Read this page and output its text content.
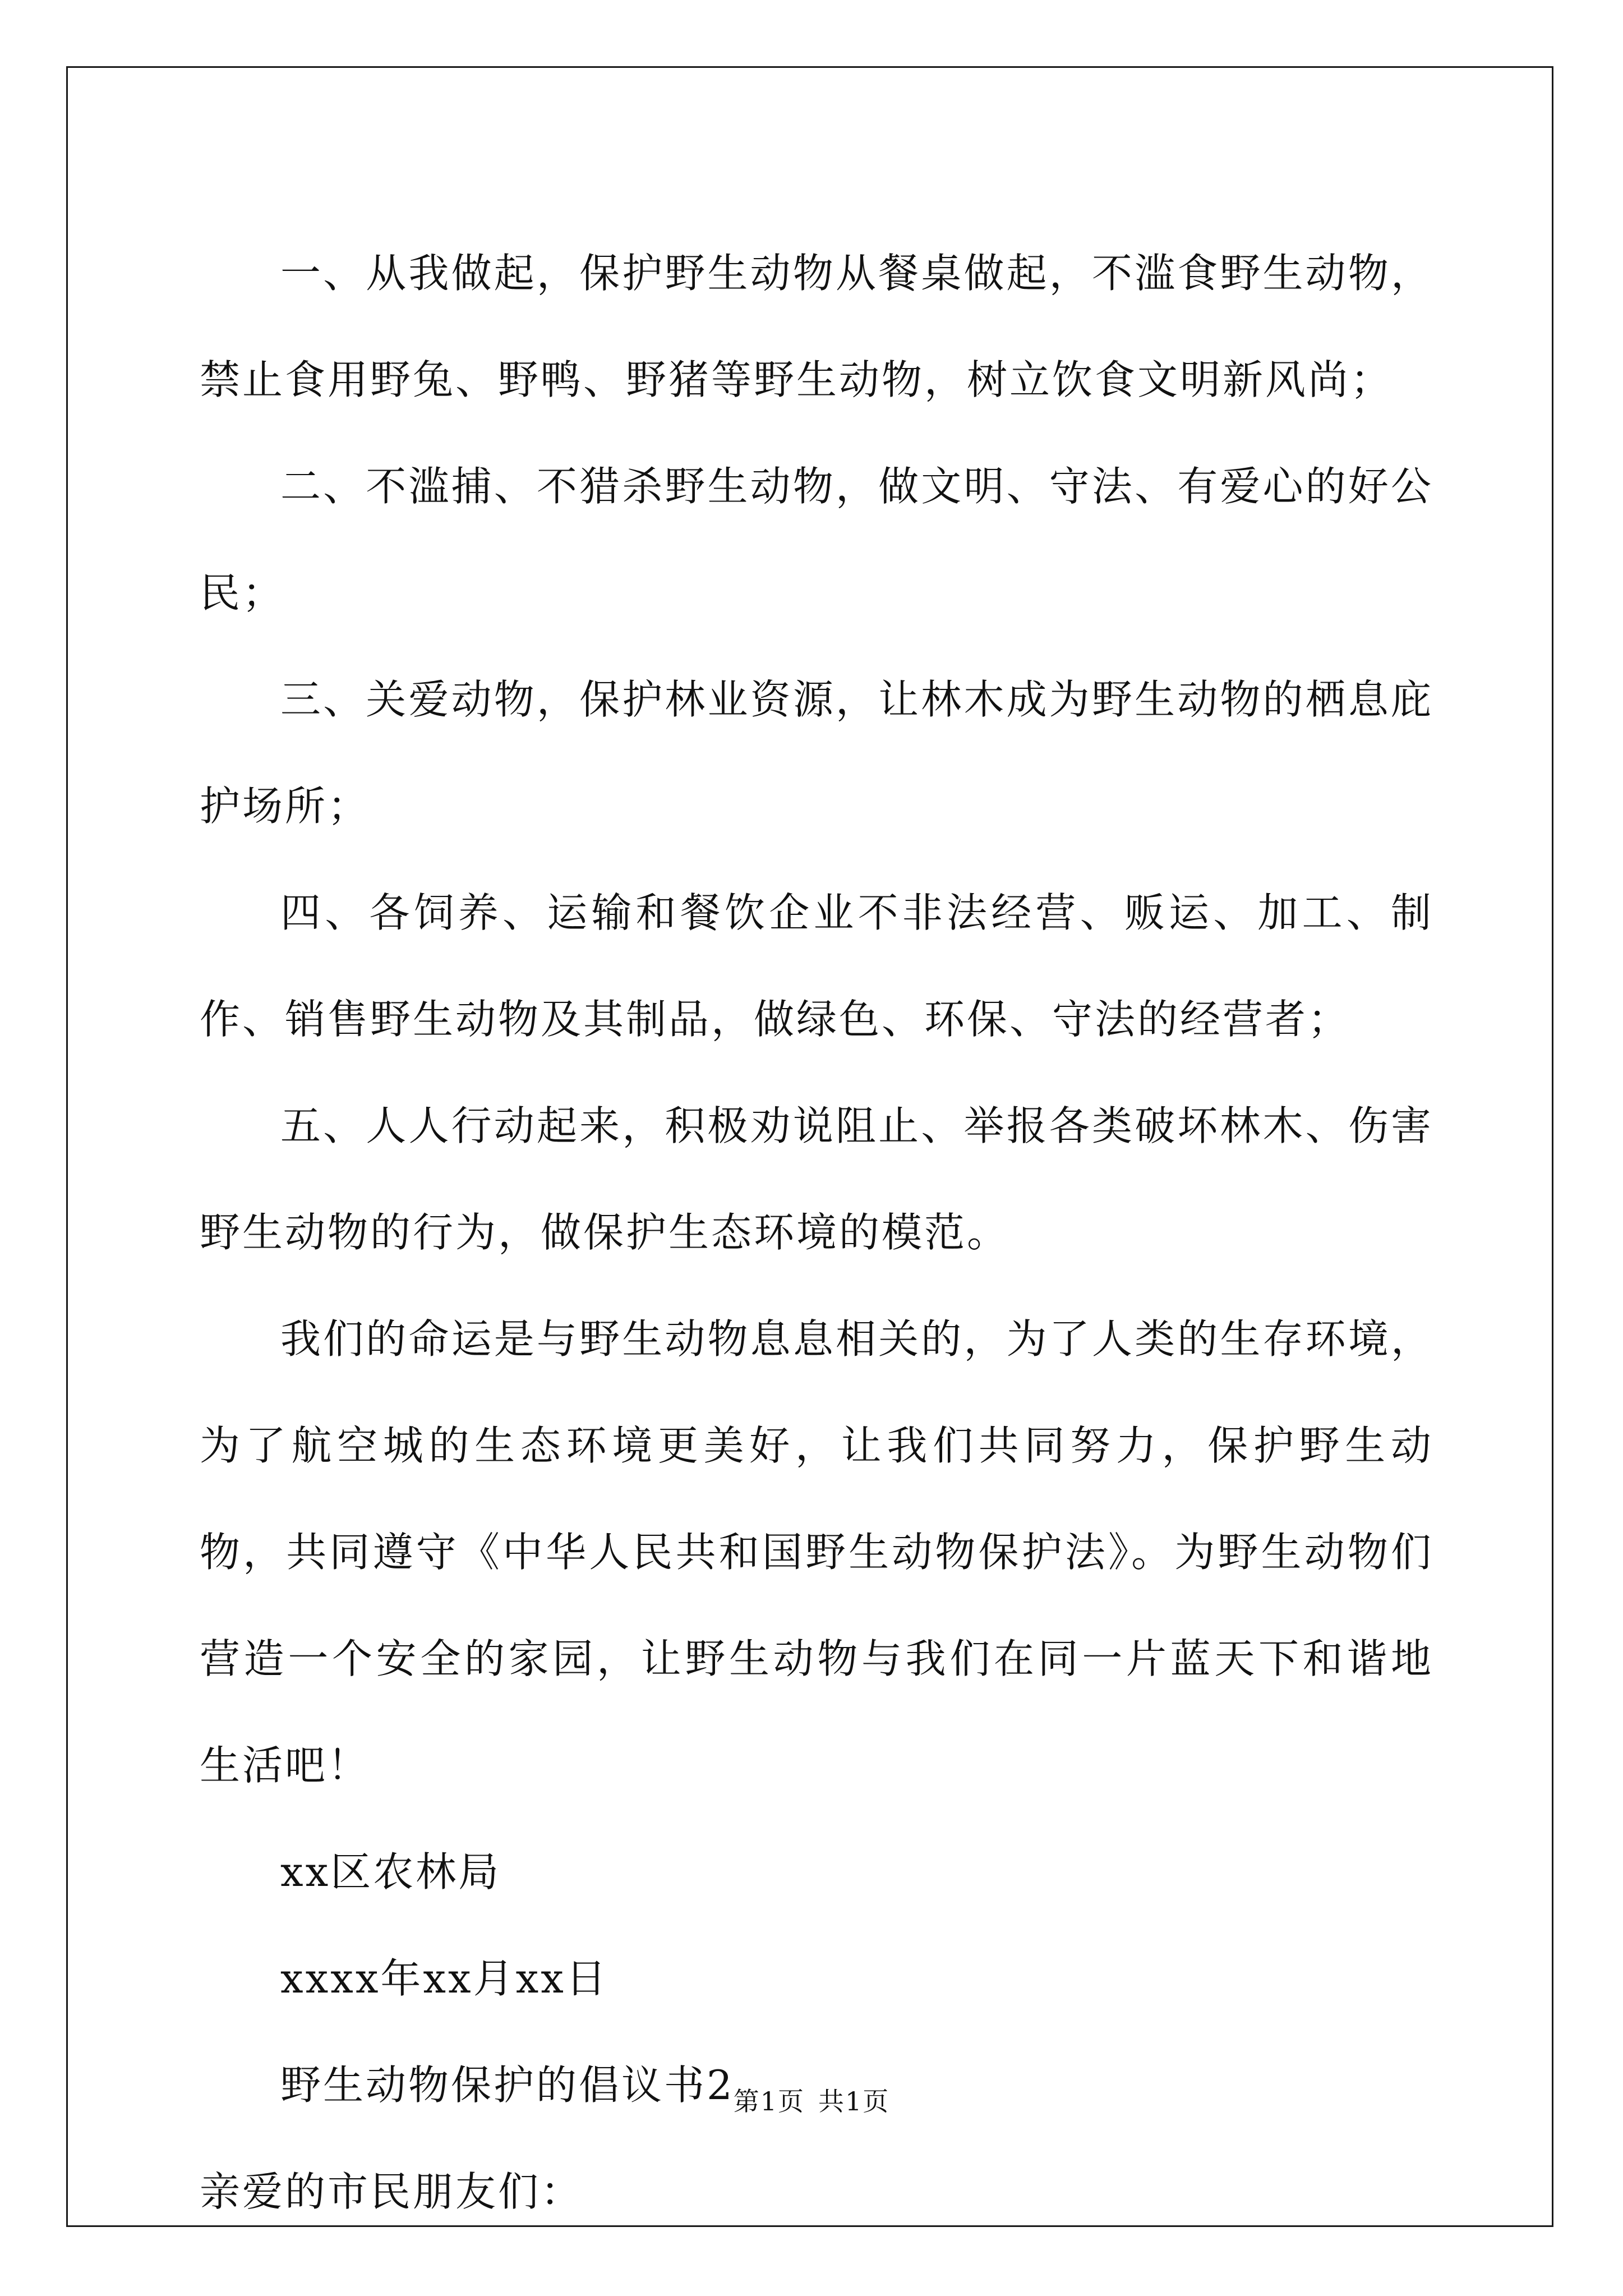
一、从我做起，保护野生动物从餐桌做起，不滥食野生动物，禁止食用野兔、野鸭、野猪等野生动物，树立饮食文明新风尚；

二、不滥捕、不猎杀野生动物，做文明、守法、有爱心的好公民；

三、关爱动物，保护林业资源，让林木成为野生动物的栖息庇护场所；

四、各饲养、运输和餐饮企业不非法经营、贩运、加工、制作、销售野生动物及其制品，做绿色、环保、守法的经营者；

五、人人行动起来，积极劝说阻止、举报各类破坏林木、伤害野生动物的行为，做保护生态环境的模范。

我们的命运是与野生动物息息相关的，为了人类的生存环境，为了航空城的生态环境更美好，让我们共同努力，保护野生动物，共同遵守《中华人民共和国野生动物保护法》。为野生动物们营造一个安全的家园，让野生动物与我们在同一片蓝天下和谐地生活吧！

xx区农林局

xxxx年xx月xx日

野生动物保护的倡议书2

亲爱的市民朋友们：

第1页 共1页
